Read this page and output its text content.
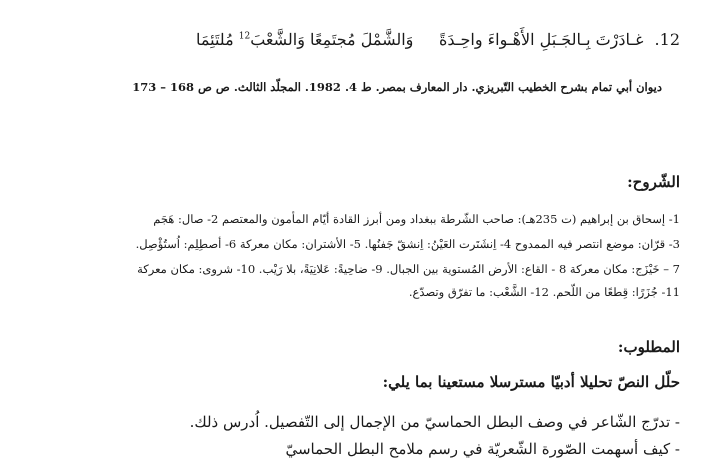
12. غـادَرْتَ بِـالجَـبَلِ الأَهْـواءَ واحِـدَةً
وَالشَّمْلَ مُجتَمِعًا وَالشَّعْبَ$^{12}$ مُلتَئِمَا
ديوان أبي تمام بشرح الخطيب التّبريزي. دار المعارف بمصر. ط 4. 1982. المجلّد الثالث. ص ص 168 – 173
الشّروح:
1- إسحاق بن إبراهيم (ت 235هـ): صاحب الشّرطة ببغداد ومن أبرز القادة أيّام المأمون والمعتصم 2- صال: هَجَم
3- قرّان: موضع انتصر فيه الممدوح 4- اِنشَتَرت العَيْنُ: اِنشقّ جَفنُها. 5- الأشتران: مكان معركة 6- أصطِلِم: اُستُؤْصِل.
7 – خَيْزَج: مكان معركة 8 - القاع: الأرض المُستوية بين الجبال. 9- ضاحِيةً: عَلانِيَةً، بلا رَيْب. 10- شروى: مكان معركة
11- جُزَرًا: قِطعًا من اللّحم. 12- الشَّعْب: ما تفرّق وتصدّع.
المطلوب:
حلّل النصّ تحليلا أدبيّا مسترسلا مستعينا بما يلي:
- تدرّج الشّاعر في وصف البطل الحماسيّ من الإجمال إلى التّفصيل. اُدرس ذلك.
- كيف أسهمت الصّورة الشّعريّة في رسم ملامح البطل الحماسيّ
